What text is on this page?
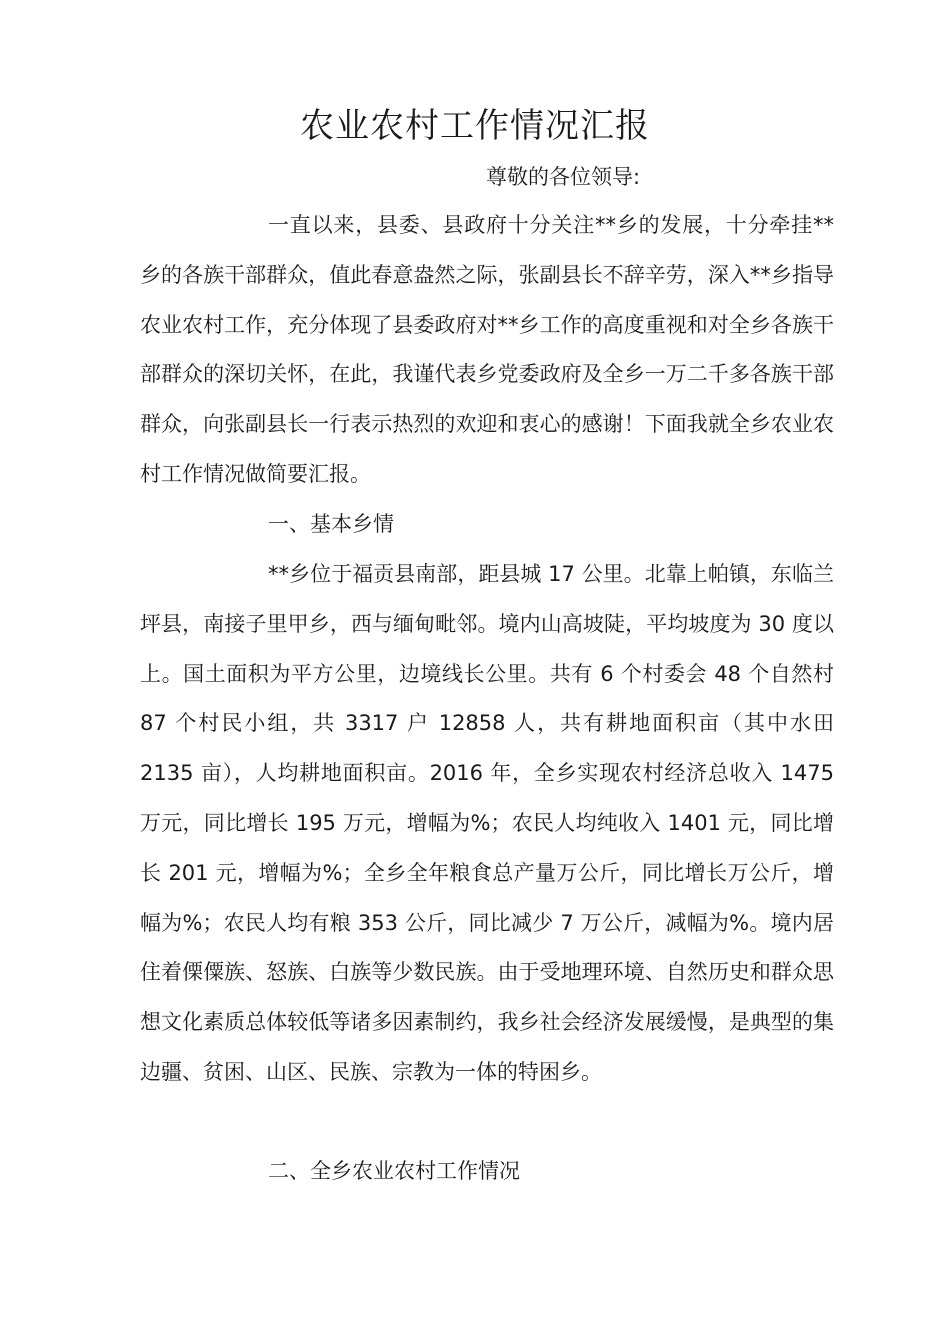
农业农村工作情况汇报
尊敬的各位领导:

一直以来，县委、县政府十分关注**乡的发展，十分牵挂**乡的各族干部群众，值此春意盎然之际，张副县长不辞辛劳，深入**乡指导农业农村工作，充分体现了县委政府对**乡工作的高度重视和对全乡各族干部群众的深切关怀，在此，我谨代表乡党委政府及全乡一万二千多各族干部群众，向张副县长一行表示热烈的欢迎和衷心的感谢！下面我就全乡农业农村工作情况做简要汇报。

一、基本乡情

**乡位于福贡县南部，距县城 17 公里。北靠上帕镇，东临兰坪县，南接子里甲乡，西与缅甸毗邻。境内山高坡陡，平均坡度为 30 度以上。国土面积为平方公里，边境线长公里。共有 6 个村委会 48 个自然村 87 个村民小组，共 3317 户 12858 人，共有耕地面积亩（其中水田 2135 亩），人均耕地面积亩。2016 年，全乡实现农村经济总收入 1475 万元，同比增长 195 万元，增幅为%；农民人均纯收入 1401 元，同比增长 201 元，增幅为%；全乡全年粮食总产量万公斤，同比增长万公斤，增幅为%；农民人均有粮 353 公斤，同比减少 7 万公斤，减幅为%。境内居住着傈僳族、怒族、白族等少数民族。由于受地理环境、自然历史和群众思想文化素质总体较低等诸多因素制约，我乡社会经济发展缓慢，是典型的集边疆、贫困、山区、民族、宗教为一体的特困乡。

二、全乡农业农村工作情况
